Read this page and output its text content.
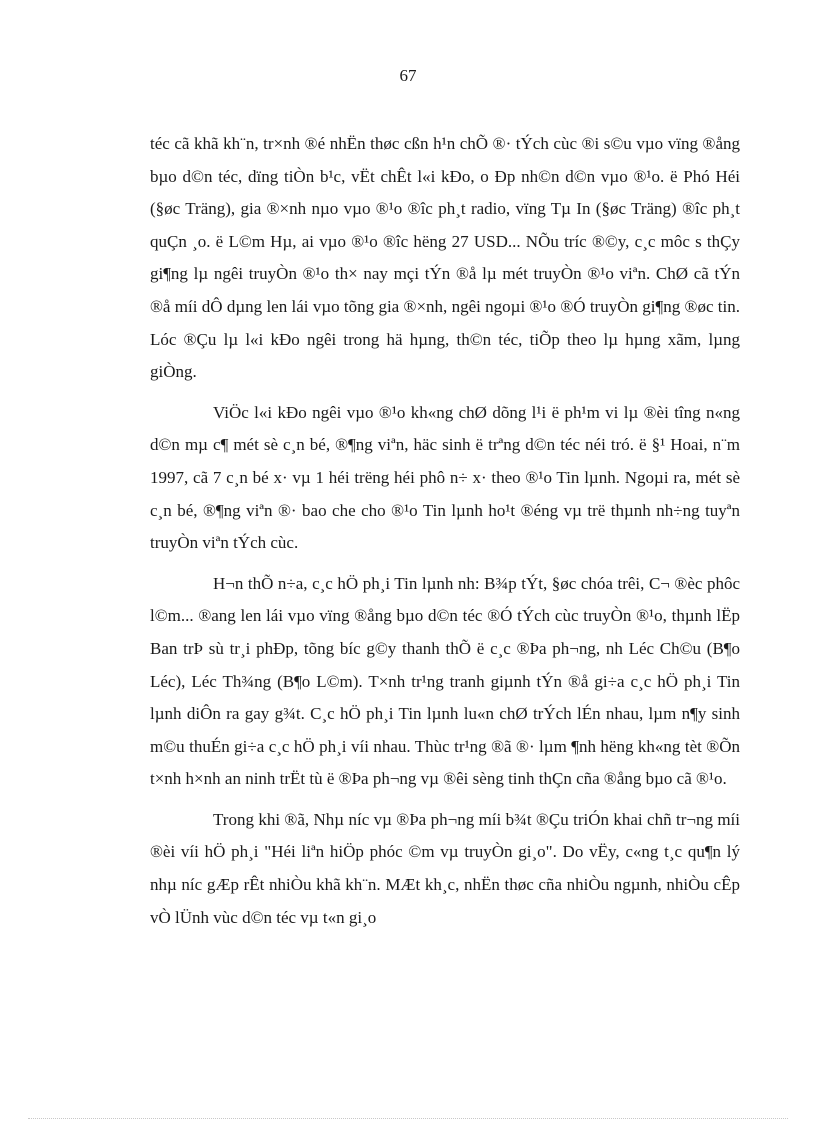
67

téc cã khã kh¨n, tr×nh ®é nhËn thøc cßn h¹n chÕ ®· tÝch cùc ®i s©u vµo vïng ®ång bµo d©n téc, dïng tiÒn b¹c, vËt chÊt l«i kÐo, o Ðp nh©n d©n vµo ®¹o. ë Phó Héi (§øc Träng), gia ®×nh nµo vµo ®¹o ®îc ph¸t radio, vïng Tµ In (§øc Träng) ®îc ph¸t quÇn ¸o. ë L©m Hµ, ai vµo ®¹o ®îc hëng 27 USD... NÕu tríc ®©y, c¸c môc s thÇy gi¶ng lµ ngêi truyÒn ®¹o th× nay mçi tÝn ®å lµ mét truyÒn ®¹o viªn. ChØ cã tÝn ®å míi dÔ dµng len lái vµo tõng gia ®×nh, ngêi ngoµi ®¹o ®Ó truyÒn gi¶ng ®øc tin. Lóc ®Çu lµ l«i kÐo ngêi trong hä hµng, th©n téc, tiÕp theo lµ hµng xãm, lµng giÒng.

ViÖc l«i kÐo ngêi vµo ®¹o kh«ng chØ dõng l¹i ë ph¹m vi lµ ®èi tîng n«ng d©n mµ c¶ mét sè c¸n bé, ®¶ng viªn, häc sinh ë trªng d©n téc néi tró. ë §¹ Hoai, n¨m 1997, cã 7 c¸n bé x· vµ 1 héi trëng héi phô n÷ x· theo ®¹o Tin lµnh. Ngoµi ra, mét sè c¸n bé, ®¶ng viªn ®· bao che cho ®¹o Tin lµnh ho¹t ®éng vµ trë thµnh nh÷ng tuyªn truyÒn viªn tÝch cùc.

H¬n thÕ n÷a, c¸c hÖ ph¸i Tin lµnh nh: B¾p tÝt, §øc chóa trêi, C¬ ®èc phôc l©m... ®ang len lái vµo vïng ®ång bµo d©n téc ®Ó tÝch cùc truyÒn ®¹o, thµnh lËp Ban trÞ sù tr¸i phÐp, tõng bíc g©y thanh thÕ ë c¸c ®Þa ph¬ng, nh Léc Ch©u (B¶o Léc), Léc Th¾ng (B¶o L©m). T×nh tr¹ng tranh giµnh tÝn ®å gi÷a c¸c hÖ ph¸i Tin lµnh diÔn ra gay g¾t. C¸c hÖ ph¸i Tin lµnh lu«n chØ trÝch lÉn nhau, lµm n¶y sinh m©u thuÉn gi÷a c¸c hÖ ph¸i víi nhau. Thùc tr¹ng ®ã ®· lµm ¶nh hëng kh«ng tèt ®Õn t×nh h×nh an ninh trËt tù ë ®Þa ph¬ng vµ ®êi sèng tinh thÇn cña ®ång bµo cã ®¹o.

Trong khi ®ã, Nhµ níc vµ ®Þa ph¬ng míi b¾t ®Çu triÓn khai chñ tr¬ng míi ®èi víi hÖ ph¸i "Héi liªn hiÖp phóc ©m vµ truyÒn gi¸o". Do vËy, c«ng t¸c qu¶n lý nhµ níc gÆp rÊt nhiÒu khã kh¨n. MÆt kh¸c, nhËn thøc cña nhiÒu ngµnh, nhiÒu cÊp vÒ lÜnh vùc d©n téc vµ t«n gi¸o
